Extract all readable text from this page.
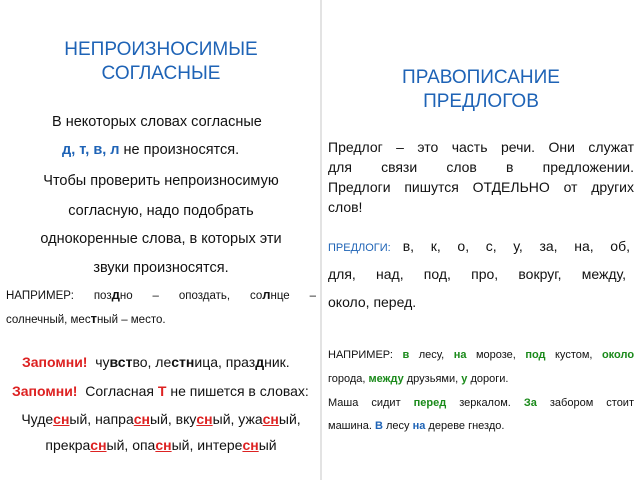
НЕПРОИЗНОСИМЫЕ
СОГЛАСНЫЕ
В некоторых словах согласные
д, т, в, л не произносятся.
Чтобы проверить непроизносимую
согласную, надо подобрать
однокоренные слова, в которых эти
звуки произносятся.
НАПРИМЕР: поздно – опоздать, солнце –
солнечный, местный – место.
Запомни! чувство, лестница, праздник.
Запомни! Согласная Т не пишется в словах:
Чудесный, напрасный, вкусный, ужасный,
прекрасный, опасный, интересный
ПРАВОПИСАНИЕ
ПРЕДЛОГОВ
Предлог – это часть речи. Они служат
для связи слов в предложении.
Предлоги пишутся ОТДЕЛЬНО от других
слов!
ПРЕДЛОГИ: в, к, о, с, у, за, на, об,
для, над, под, про, вокруг, между,
около, перед.
НАПРИМЕР: в лесу, на морозе, под кустом, около
города, между друзьями, у дороги.
Маша сидит перед зеркалом. За забором стоит
машина. В лесу на дереве гнездо.
